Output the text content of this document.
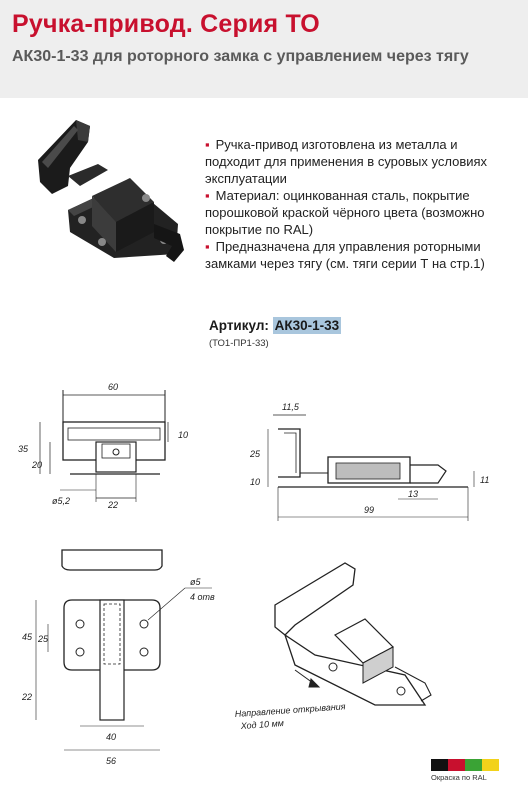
Ручка-привод. Серия ТО
АК30-1-33 для роторного замка с управлением через тягу

▪ Ручка-привод изготовлена из металла и подходит для применения в суровых условиях эксплуатации

▪ Материал: оцинкованная сталь, покрытие порошковой краской чёрного цвета (возможно покрытие по RAL)

▪ Предназначена для управления роторными замками через тягу (см. тяги серии Т на стр.1)

Артикул: АК30-1-33
(ТО1-ПР1-33)
60
35
20
10
ø5,2	22
11,5
25
10	11
13
99
ø5
4 отв
45 25
22
40
56
Направление открывания
Ход 10 мм
Окраска по RAL
